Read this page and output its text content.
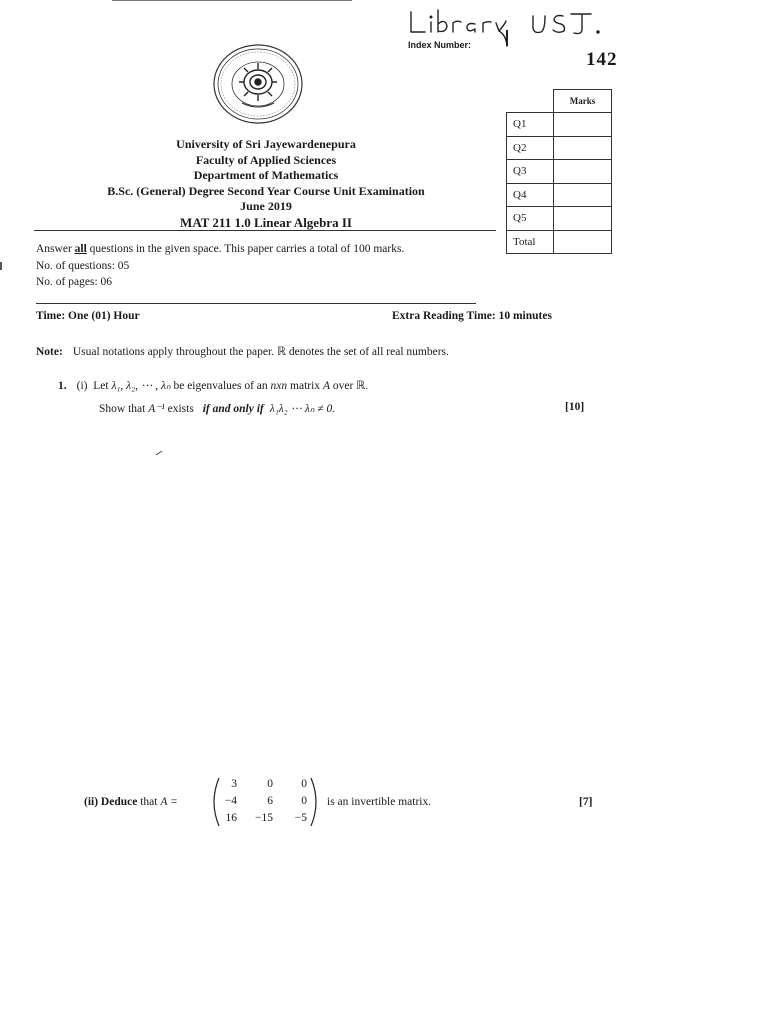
Index Number:
142
University of Sri Jayewardenepura
Faculty of Applied Sciences
Department of Mathematics
B.Sc. (General) Degree Second Year Course Unit Examination
June 2019
MAT 211 1.0 Linear Algebra II
	Marks
Q1	
Q2	
Q3	
Q4	
Q5	
Total	
Answer all questions in the given space. This paper carries a total of 100 marks.
No. of questions: 05
No. of pages: 06
Time: One (01) Hour	Extra Reading Time: 10 minutes
Note: Usual notations apply throughout the paper. ℝ denotes the set of all real numbers.
1. (i) Let λ₁, λ₂, ⋯ , λₙ be eigenvalues of an nxn matrix A over ℝ.
Show that A⁻¹ exists if and only if λ₁λ₂ ⋯ λₙ ≠ 0.	[10]
(ii) Deduce that A =
3	0	0
−4	6	0
16	−15	−5
is an invertible matrix.	[7]
